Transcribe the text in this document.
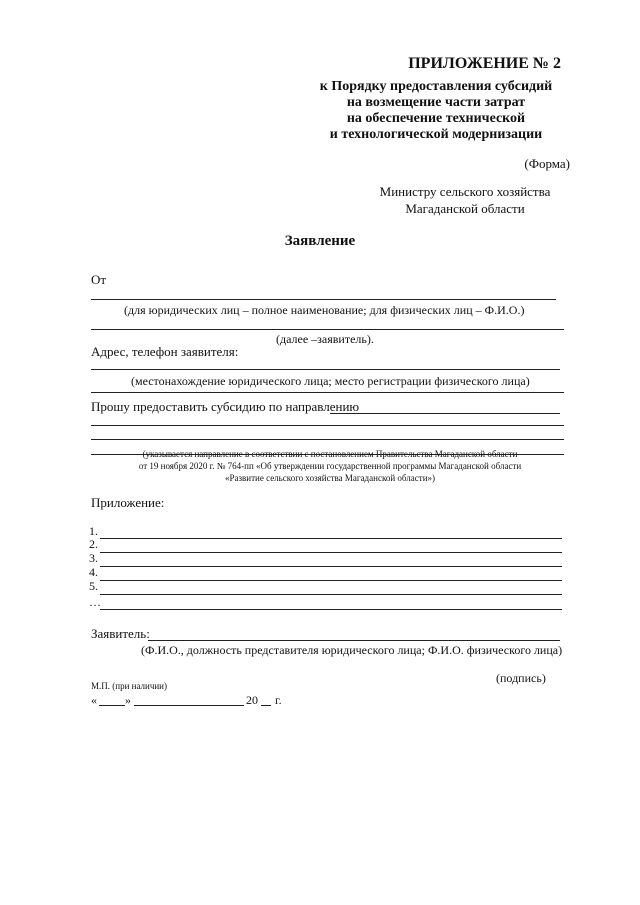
ПРИЛОЖЕНИЕ № 2
к Порядку предоставления субсидий
на возмещение части затрат
на обеспечение технической
и технологической модернизации
(Форма)
Министру сельского хозяйства
Магаданской области
Заявление
От
(для юридических лиц – полное наименование; для физических лиц – Ф.И.О.)
(далее –заявитель).
Адрес, телефон заявителя:
(местонахождение юридического лица; место регистрации физического лица)
Прошу предоставить субсидию по направлению
(указывается направление в соответствии с постановлением Правительства Магаданской области
от 19 ноября 2020 г. № 764-пп «Об утверждении государственной программы Магаданской области
«Развитие сельского хозяйства Магаданской области»)
Приложение:
1.
2.
3.
4.
5.
…
Заявитель:
(Ф.И.О., должность представителя юридического лица; Ф.И.О. физического лица)
(подпись)
М.П. (при наличии)
« »	20 г.
